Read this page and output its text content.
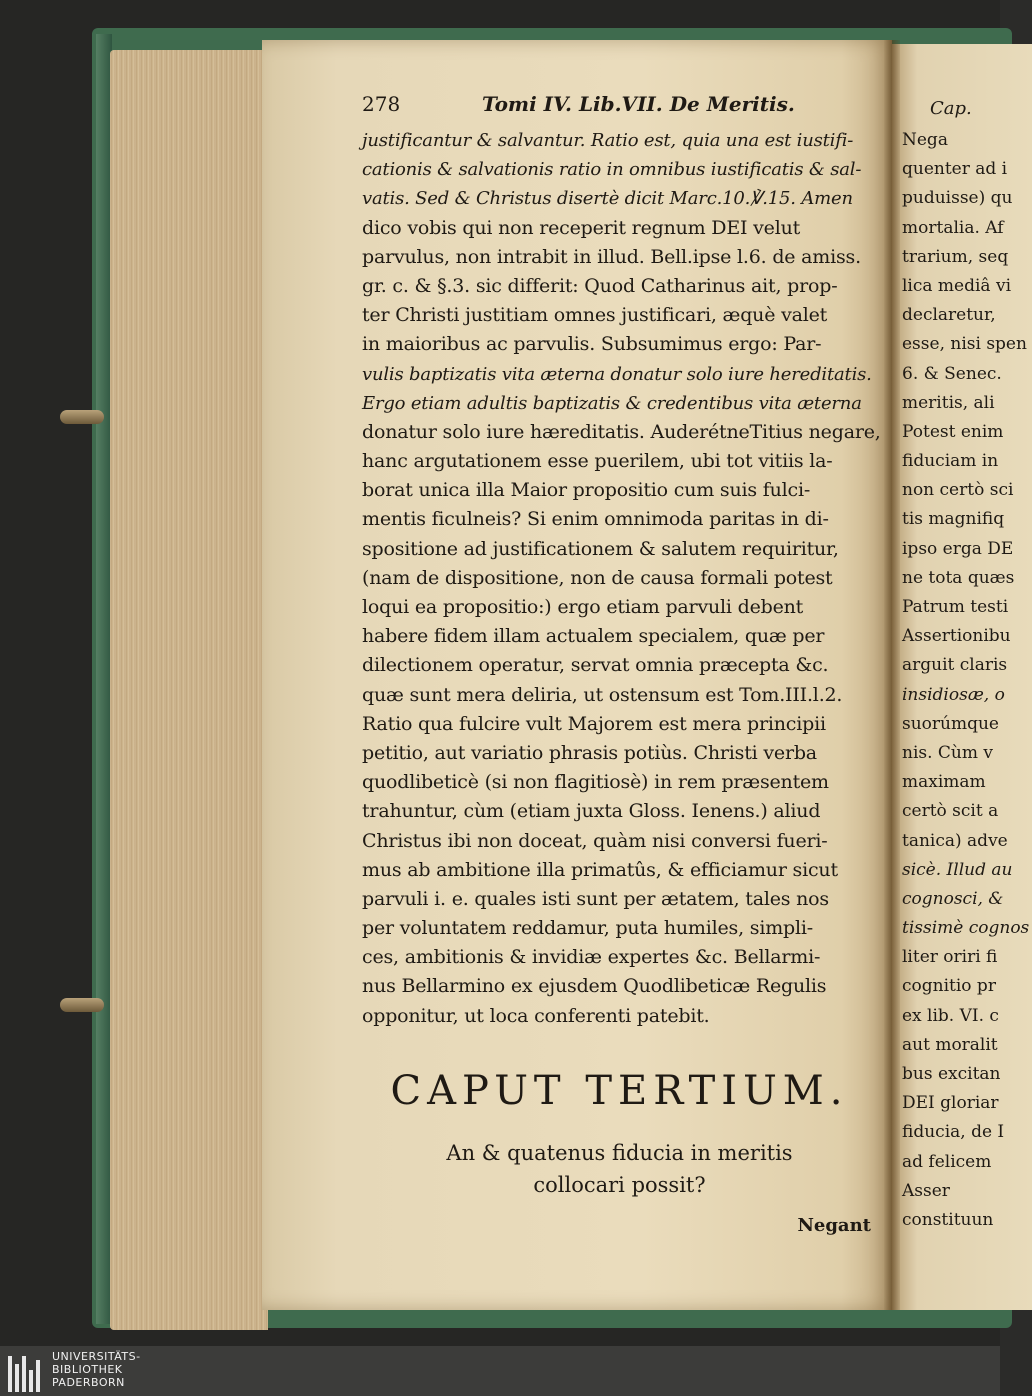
278	Tomi IV. Lib.VII. De Meritis.
justificantur & salvantur. Ratio est, quia una est iustifi-
cationis & salvationis ratio in omnibus iustificatis & sal-
vatis. Sed & Christus disertè dicit Marc.10.℣.15. Amen
dico vobis qui non receperit regnum DEI velut
parvulus, non intrabit in illud. Bell.ipse l.6. de amiss.
gr. c. & §.3. sic differit: Quod Catharinus ait, prop-
ter Christi justitiam omnes justificari, æquè valet
in maioribus ac parvulis. Subsumimus ergo: Par-
vulis baptizatis vita æterna donatur solo iure hereditatis.
Ergo etiam adultis baptizatis & credentibus vita æterna
donatur solo iure hæreditatis. AuderétneTitius negare,
hanc argutationem esse puerilem, ubi tot vitiis la-
borat unica illa Maior propositio cum suis fulci-
mentis ficulneis? Si enim omnimoda paritas in di-
spositione ad justificationem & salutem requiritur,
(nam de dispositione, non de causa formali potest
loqui ea propositio:) ergo etiam parvuli debent
habere fidem illam actualem specialem, quæ per
dilectionem operatur, servat omnia præcepta &c.
quæ sunt mera deliria, ut ostensum est Tom.III.l.2.
Ratio qua fulcire vult Majorem est mera principii
petitio, aut variatio phrasis potiùs. Christi verba
quodlibeticè (si non flagitiosè) in rem præsentem
trahuntur, cùm (etiam juxta Gloss. Ienens.) aliud
Christus ibi non doceat, quàm nisi conversi fueri-
mus ab ambitione illa primatûs, & efficiamur sicut
parvuli i. e. quales isti sunt per ætatem, tales nos
per voluntatem reddamur, puta humiles, simpli-
ces, ambitionis & invidiæ expertes &c. Bellarmi-
nus Bellarmino ex ejusdem Quodlibeticæ Regulis
opponitur, ut loca conferenti patebit.
CAPUT TERTIUM.
An & quatenus fiducia in meritis
collocari possit?
Negant
Cap.
Nega
quenter ad i
puduisse) qu
mortalia. Af
trarium, seq
lica mediâ vi
declaretur,
esse, nisi spen
6. & Senec.
meritis, ali
Potest enim
fiduciam in
non certò sci
tis magnifiq
ipso erga DE
ne tota quæs
Patrum testi
Assertionibu
arguit claris
insidiosæ, o
suorúmque
nis. Cùm v
maximam
certò scit a
tanica) adve
sicè. Illud au
cognosci, &
tissimè cognos
liter oriri fi
cognitio pr
ex lib. VI. c
aut moralit
bus excitan
DEI gloriar
fiducia, de I
ad felicem
Asser
constituun
UNIVERSITÄTS-
BIBLIOTHEK
PADERBORN
